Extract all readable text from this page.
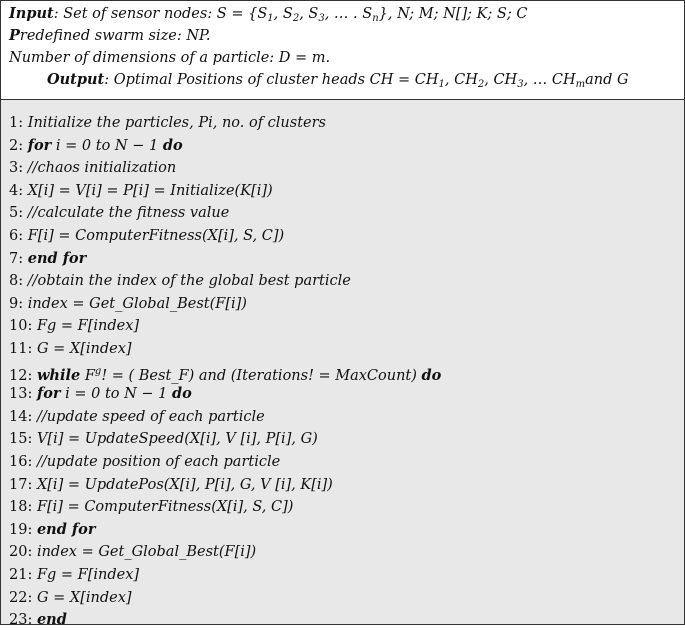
Input: Set of sensor nodes: $S = \{S_1$, $S_2$, $S_3$, … . $S_n$}, N; M; N[]; K; S; C
Predefined swarm size: NP.
Number of dimensions of a particle: D = m.
Output: Optimal Positions of cluster heads CH = $CH_1$, $CH_2$, $CH_3$, … $CH_mand$ G
1: Initialize the particles, Pi, no. of clusters
2: for i = 0 to N − 1 do
3: //chaos initialization
4: X[i] = V[i] = P[i] = Initialize(K[i])
5: //calculate the fitness value
6: F[i] = ComputerFitness(X[i], S, C])
7: end for
8: //obtain the index of the global best particle
9: index = Get_Global_Best(F[i])
10: Fg = F[index]
11: G = X[index]
12: while $F^g$! = ( Best_F) and (Iterations! = MaxCount) do
13: for i = 0 to N − 1 do
14: //update speed of each particle
15: V[i] = UpdateSpeed(X[i], V [i], P[i], G)
16: //update position of each particle
17: X[i] = UpdatePos(X[i], P[i], G, V [i], K[i])
18: F[i] = ComputerFitness(X[i], S, C])
19: end for
20: index = Get_Global_Best(F[i])
21: Fg = F[index]
22: G = X[index]
23: end
